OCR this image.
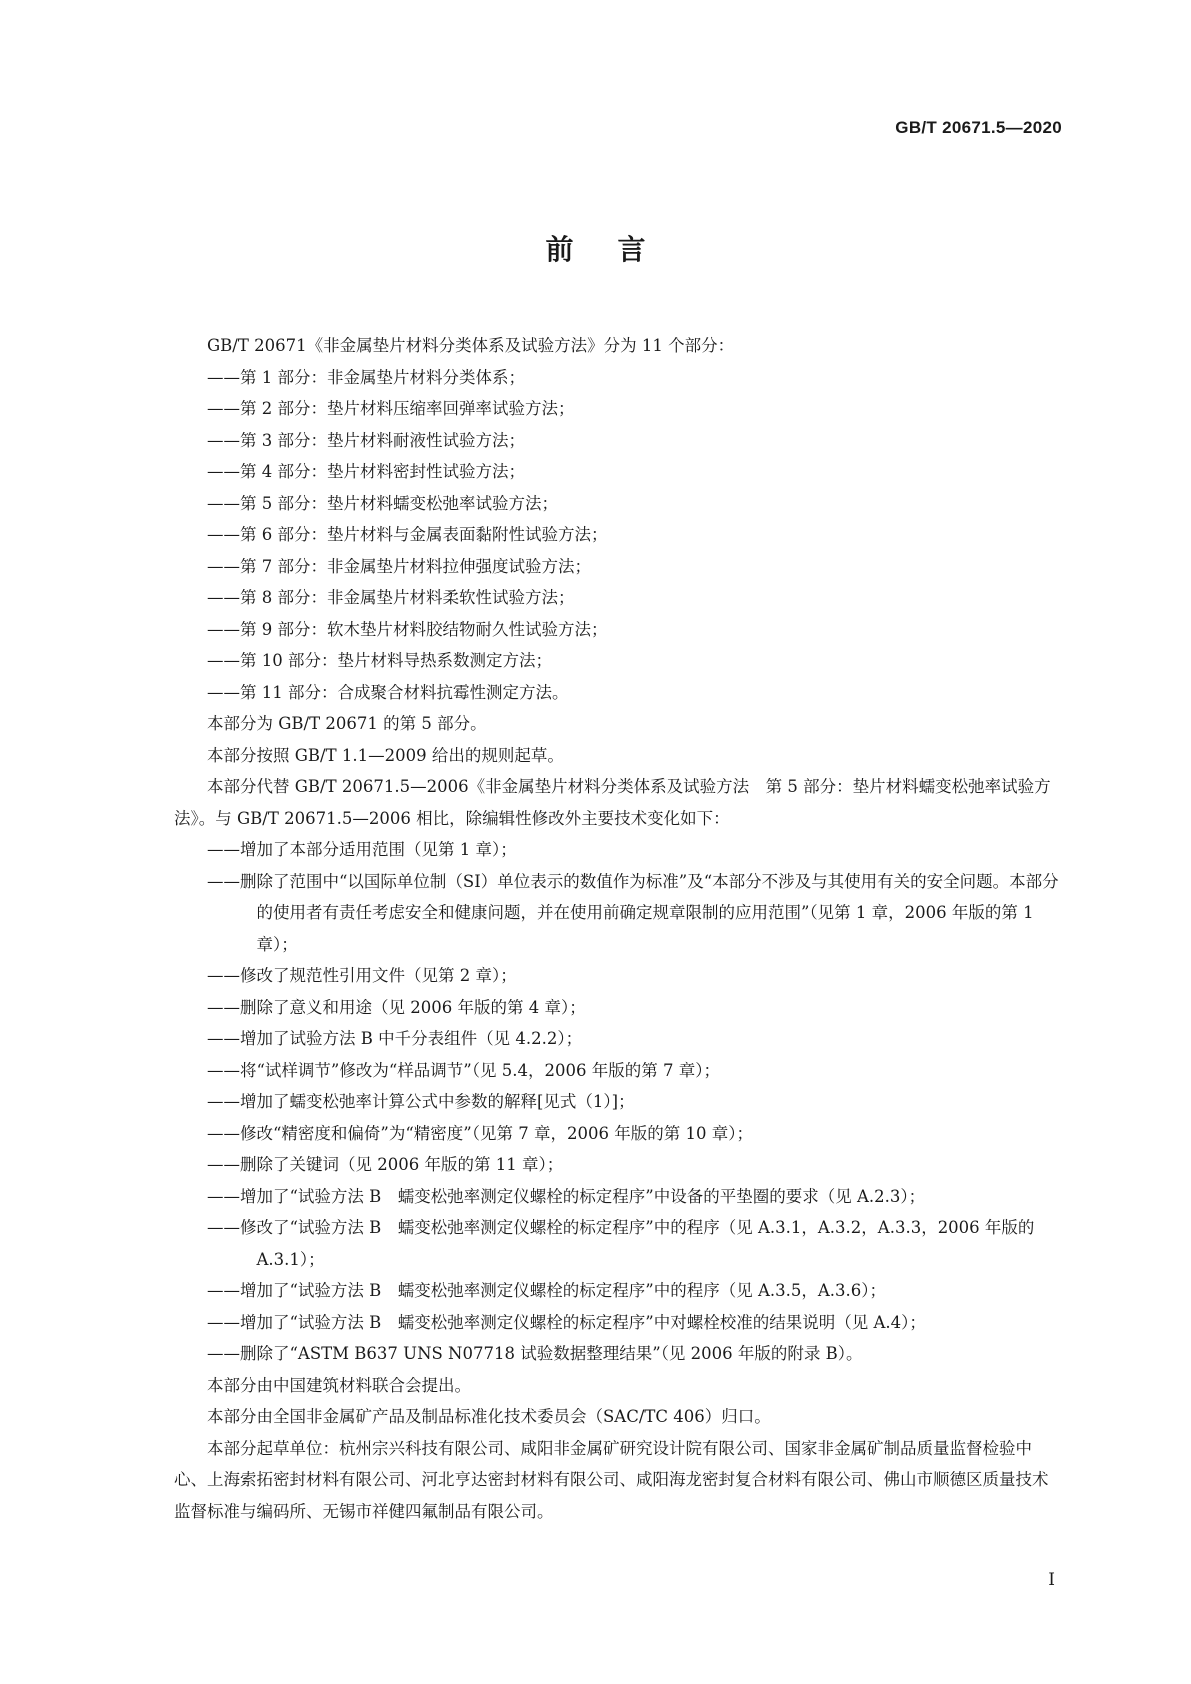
GB/T 20671.5—2020
前言

GB/T 20671《非金属垫片材料分类体系及试验方法》分为 11 个部分：

——第 1 部分：非金属垫片材料分类体系；

——第 2 部分：垫片材料压缩率回弹率试验方法；

——第 3 部分：垫片材料耐液性试验方法；

——第 4 部分：垫片材料密封性试验方法；

——第 5 部分：垫片材料蠕变松弛率试验方法；

——第 6 部分：垫片材料与金属表面黏附性试验方法；

——第 7 部分：非金属垫片材料拉伸强度试验方法；

——第 8 部分：非金属垫片材料柔软性试验方法；

——第 9 部分：软木垫片材料胶结物耐久性试验方法；

——第 10 部分：垫片材料导热系数测定方法；

——第 11 部分：合成聚合材料抗霉性测定方法。

本部分为 GB/T 20671 的第 5 部分。

本部分按照 GB/T 1.1—2009 给出的规则起草。

本部分代替 GB/T 20671.5—2006《非金属垫片材料分类体系及试验方法　第 5 部分：垫片材料蠕变松弛率试验方法》。与 GB/T 20671.5—2006 相比，除编辑性修改外主要技术变化如下：

——增加了本部分适用范围（见第 1 章）；

——删除了范围中“以国际单位制（SI）单位表示的数值作为标准”及“本部分不涉及与其使用有关的安全问题。本部分的使用者有责任考虑安全和健康问题，并在使用前确定规章限制的应用范围”（见第 1 章，2006 年版的第 1 章）；

——修改了规范性引用文件（见第 2 章）；

——删除了意义和用途（见 2006 年版的第 4 章）；

——增加了试验方法 B 中千分表组件（见 4.2.2）；

——将“试样调节”修改为“样品调节”（见 5.4，2006 年版的第 7 章）；

——增加了蠕变松弛率计算公式中参数的解释[见式（1）]；

——修改“精密度和偏倚”为“精密度”（见第 7 章，2006 年版的第 10 章）；

——删除了关键词（见 2006 年版的第 11 章）；

——增加了“试验方法 B　蠕变松弛率测定仪螺栓的标定程序”中设备的平垫圈的要求（见 A.2.3）；

——修改了“试验方法 B　蠕变松弛率测定仪螺栓的标定程序”中的程序（见 A.3.1，A.3.2，A.3.3，2006 年版的 A.3.1）；

——增加了“试验方法 B　蠕变松弛率测定仪螺栓的标定程序”中的程序（见 A.3.5，A.3.6）；

——增加了“试验方法 B　蠕变松弛率测定仪螺栓的标定程序”中对螺栓校准的结果说明（见 A.4）；

——删除了“ASTM B637 UNS N07718 试验数据整理结果”（见 2006 年版的附录 B）。

本部分由中国建筑材料联合会提出。

本部分由全国非金属矿产品及制品标准化技术委员会（SAC/TC 406）归口。

本部分起草单位：杭州宗兴科技有限公司、咸阳非金属矿研究设计院有限公司、国家非金属矿制品质量监督检验中心、上海索拓密封材料有限公司、河北亨达密封材料有限公司、咸阳海龙密封复合材料有限公司、佛山市顺德区质量技术监督标准与编码所、无锡市祥健四氟制品有限公司。

I
